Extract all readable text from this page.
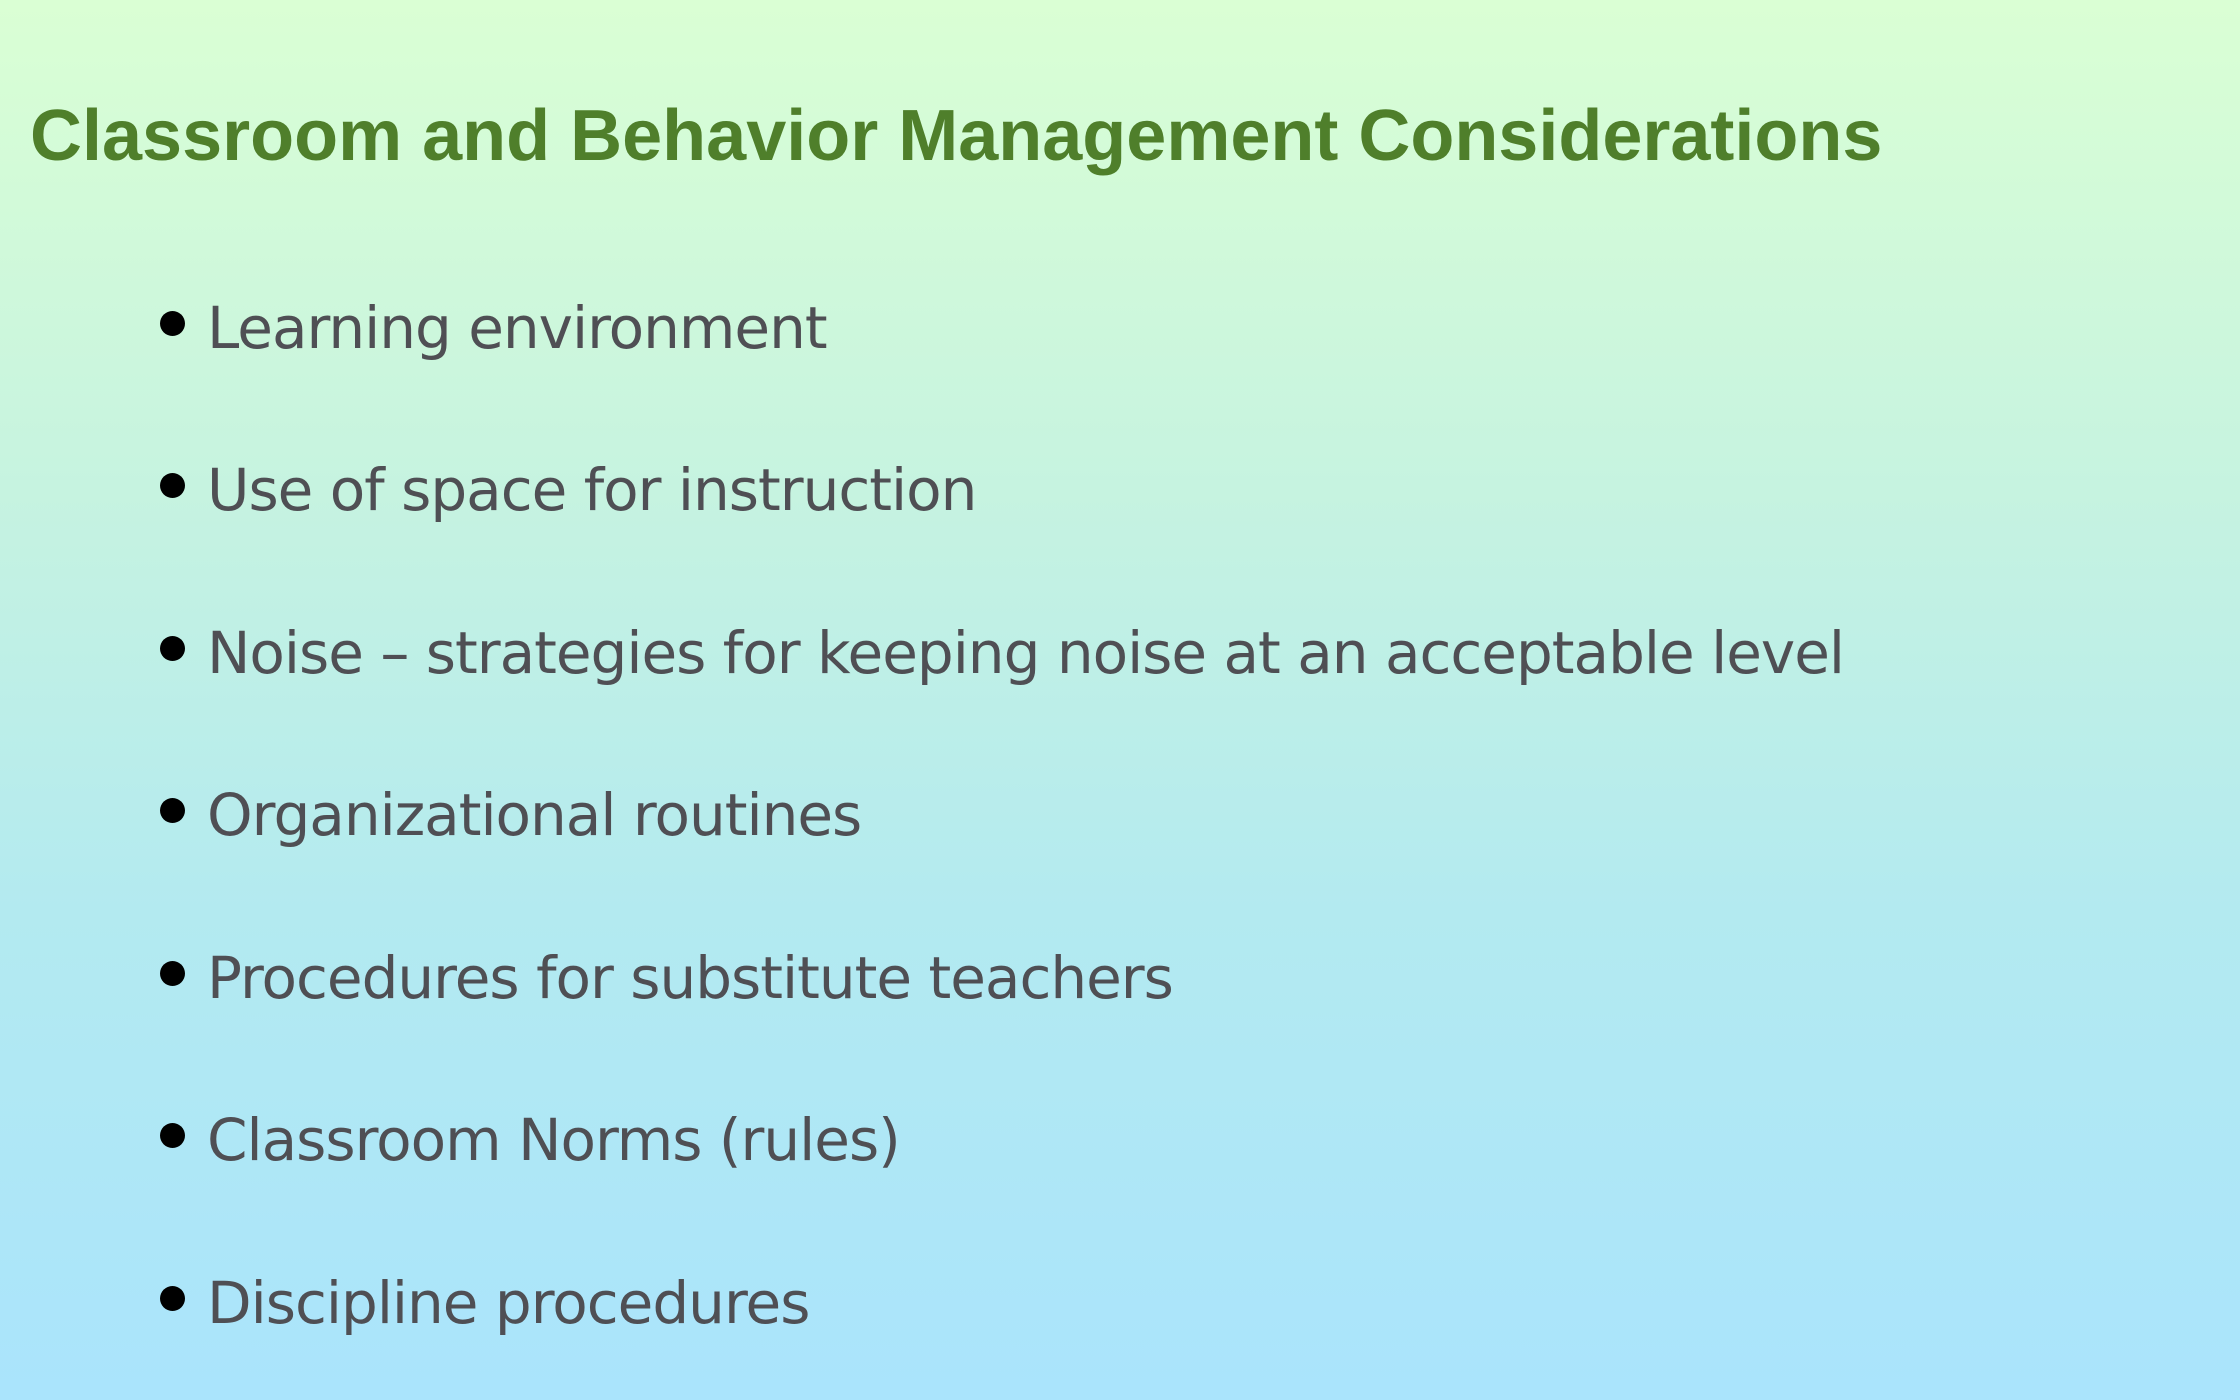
Classroom and Behavior Management Considerations
Learning environment
Use of space for instruction
Noise – strategies for keeping noise at an acceptable level
Organizational routines
Procedures for substitute teachers
Classroom Norms (rules)
Discipline procedures
